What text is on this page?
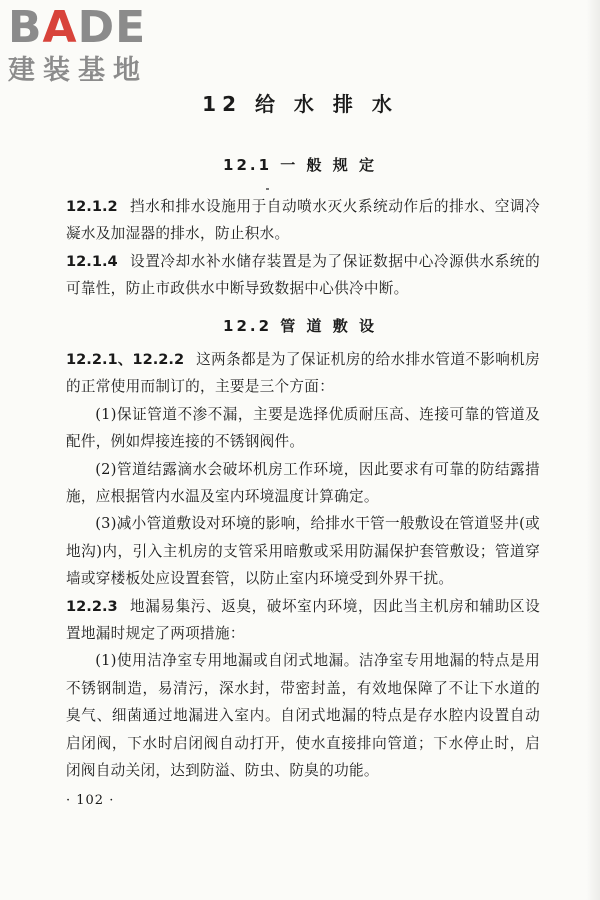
BADE
建装基地
12 给 水 排 水
12.1 一 般 规 定

12.1.2 挡水和排水设施用于自动喷水灭火系统动作后的排水、空调冷凝水及加湿器的排水，防止积水。

12.1.4 设置冷却水补水储存装置是为了保证数据中心冷源供水系统的可靠性，防止市政供水中断导致数据中心供冷中断。

12.2 管 道 敷 设

12.2.1、12.2.2 这两条都是为了保证机房的给水排水管道不影响机房的正常使用而制订的，主要是三个方面：

(1)保证管道不渗不漏，主要是选择优质耐压高、连接可靠的管道及配件，例如焊接连接的不锈钢阀件。

(2)管道结露滴水会破坏机房工作环境，因此要求有可靠的防结露措施，应根据管内水温及室内环境温度计算确定。

(3)减小管道敷设对环境的影响，给排水干管一般敷设在管道竖井(或地沟)内，引入主机房的支管采用暗敷或采用防漏保护套管敷设；管道穿墙或穿楼板处应设置套管，以防止室内环境受到外界干扰。

12.2.3 地漏易集污、返臭，破坏室内环境，因此当主机房和辅助区设置地漏时规定了两项措施：

(1)使用洁净室专用地漏或自闭式地漏。洁净室专用地漏的特点是用不锈钢制造，易清污，深水封，带密封盖，有效地保障了不让下水道的臭气、细菌通过地漏进入室内。自闭式地漏的特点是存水腔内设置自动启闭阀，下水时启闭阀自动打开，使水直接排向管道；下水停止时，启闭阀自动关闭，达到防溢、防虫、防臭的功能。

· 102 ·
